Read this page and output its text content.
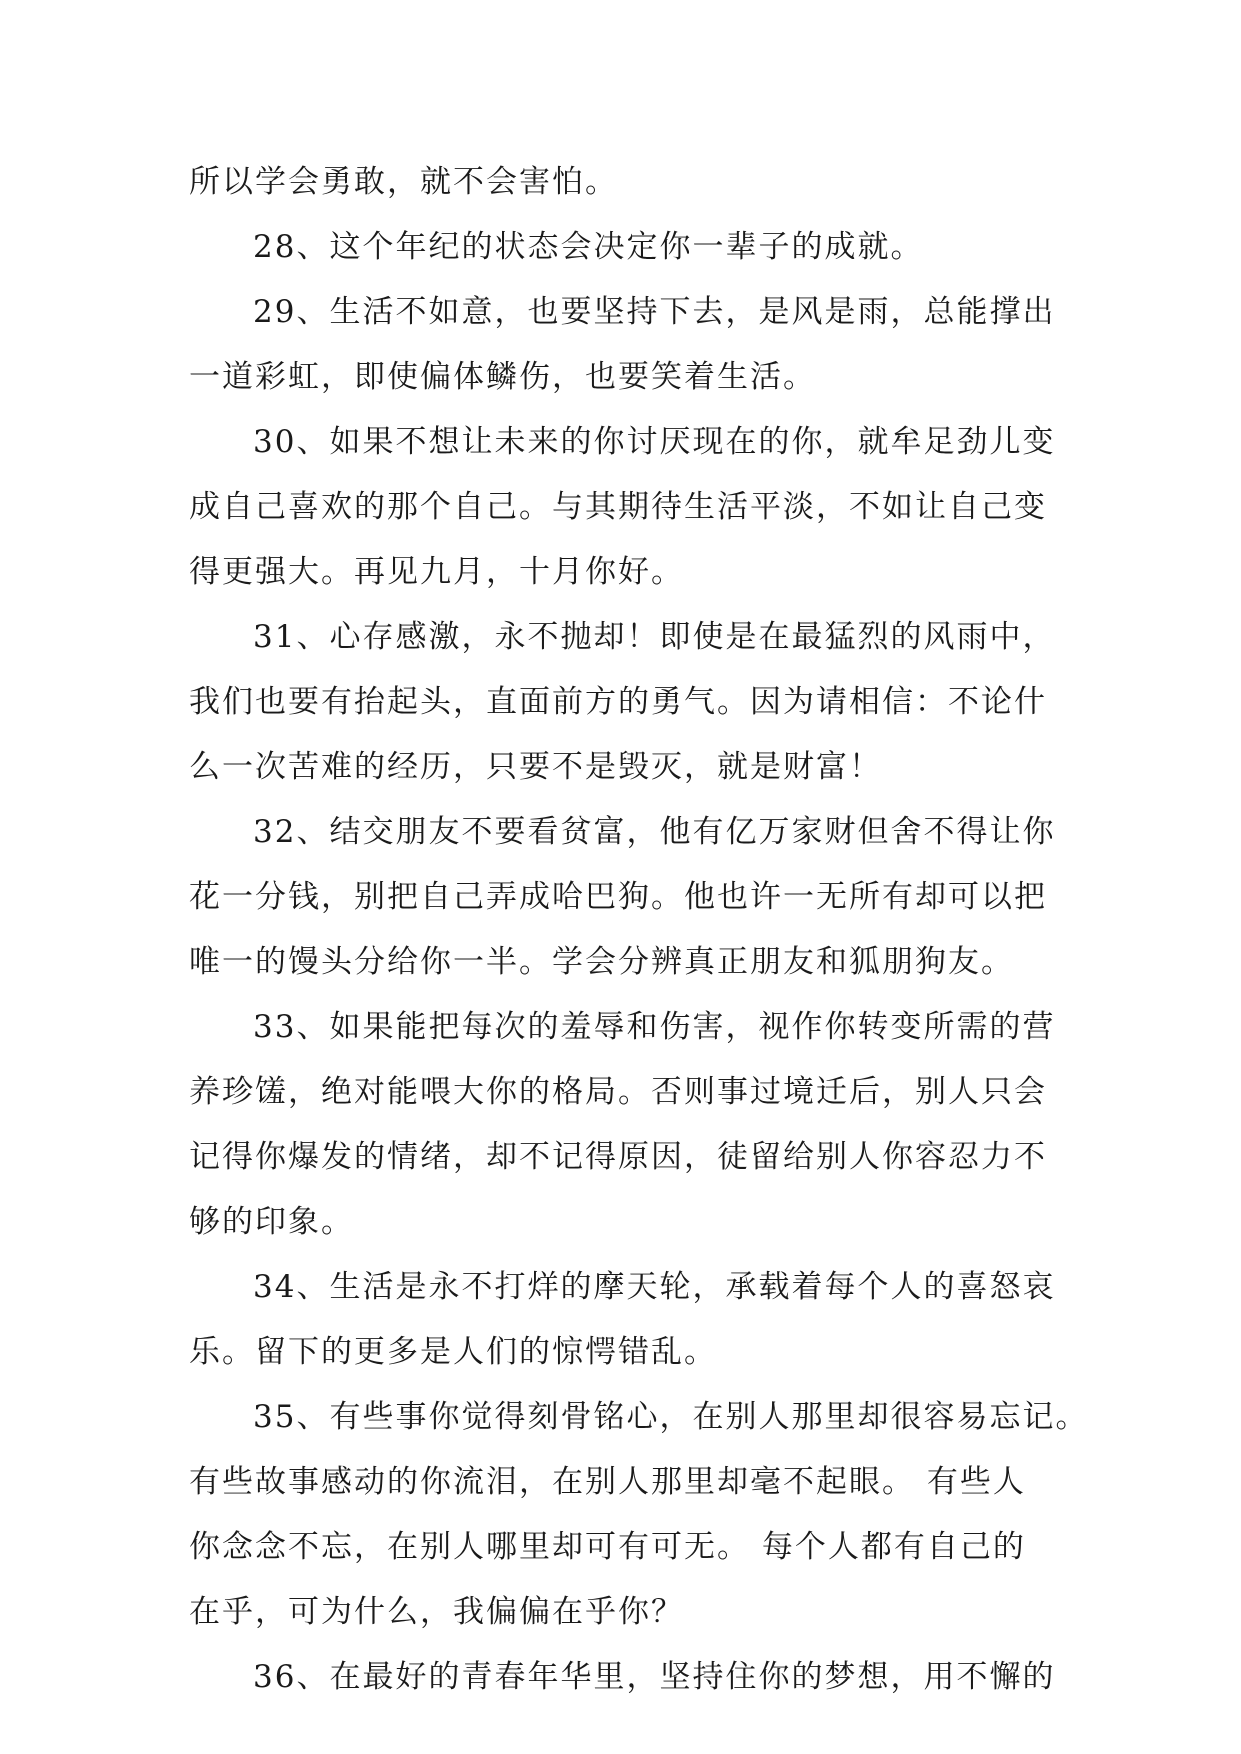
所以学会勇敢，就不会害怕。
28、这个年纪的状态会决定你一辈子的成就。
29、生活不如意，也要坚持下去，是风是雨，总能撑出
一道彩虹，即使偏体鳞伤，也要笑着生活。
30、如果不想让未来的你讨厌现在的你，就牟足劲儿变
成自己喜欢的那个自己。与其期待生活平淡，不如让自己变
得更强大。再见九月，十月你好。
31、心存感激，永不抛却！即使是在最猛烈的风雨中，
我们也要有抬起头，直面前方的勇气。因为请相信：不论什
么一次苦难的经历，只要不是毁灭，就是财富！
32、结交朋友不要看贫富，他有亿万家财但舍不得让你
花一分钱，别把自己弄成哈巴狗。他也许一无所有却可以把
唯一的馒头分给你一半。学会分辨真正朋友和狐朋狗友。
33、如果能把每次的羞辱和伤害，视作你转变所需的营
养珍馐，绝对能喂大你的格局。否则事过境迁后，别人只会
记得你爆发的情绪，却不记得原因，徒留给别人你容忍力不
够的印象。
34、生活是永不打烊的摩天轮，承载着每个人的喜怒哀
乐。留下的更多是人们的惊愕错乱。
35、有些事你觉得刻骨铭心，在别人那里却很容易忘记。
有些故事感动的你流泪，在别人那里却毫不起眼。 有些人
你念念不忘，在别人哪里却可有可无。 每个人都有自己的
在乎，可为什么，我偏偏在乎你？
36、在最好的青春年华里，坚持住你的梦想，用不懈的
